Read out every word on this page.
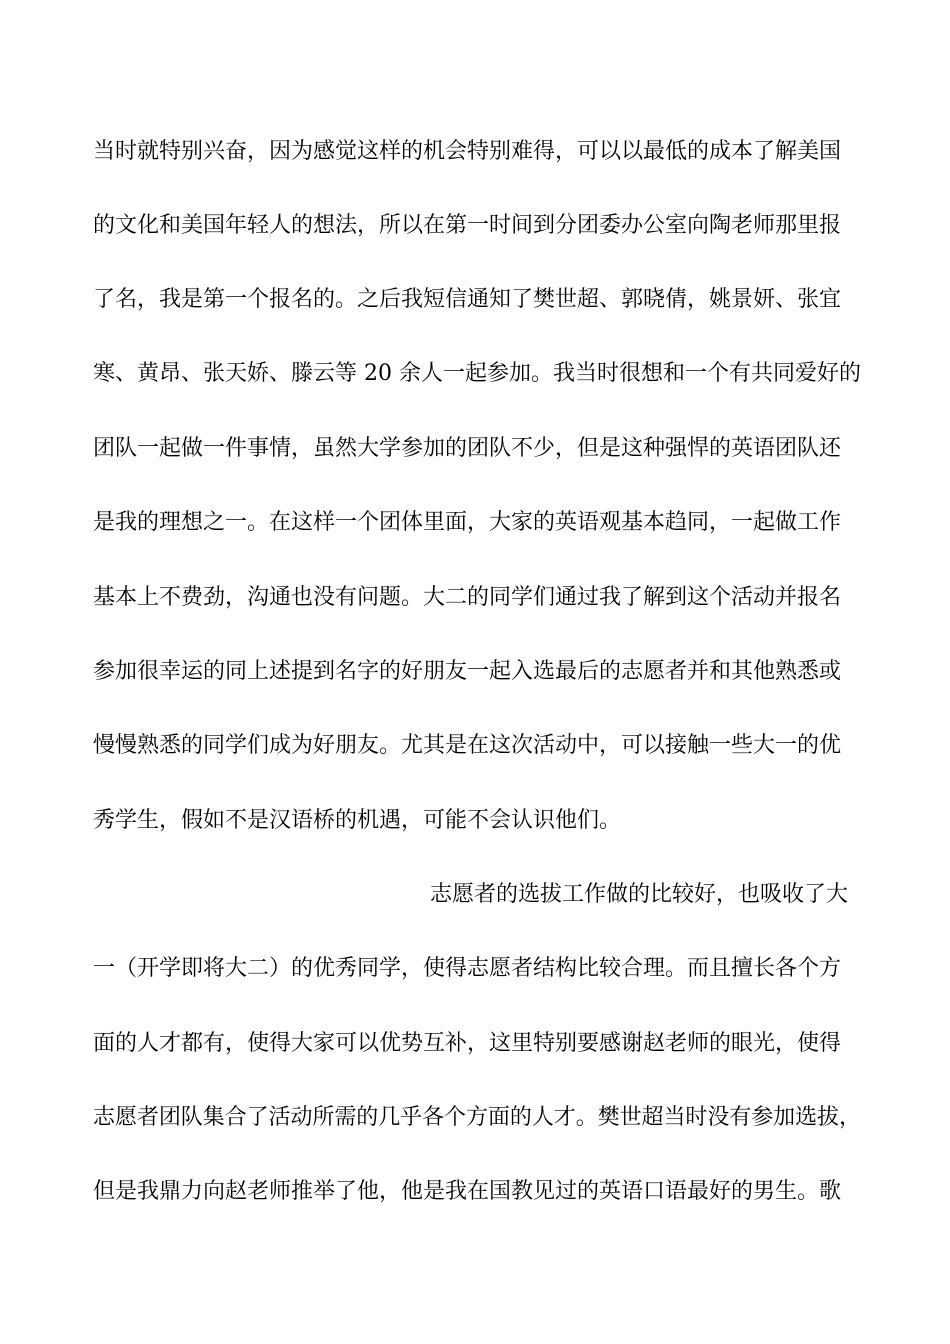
当时就特别兴奋，因为感觉这样的机会特别难得，可以以最低的成本了解美国
的文化和美国年轻人的想法，所以在第一时间到分团委办公室向陶老师那里报
了名，我是第一个报名的。之后我短信通知了樊世超、郭晓倩，姚景妍、张宜
寒、黄昂、张天娇、滕云等 20 余人一起参加。我当时很想和一个有共同爱好的
团队一起做一件事情，虽然大学参加的团队不少，但是这种强悍的英语团队还
是我的理想之一。在这样一个团体里面，大家的英语观基本趋同，一起做工作
基本上不费劲，沟通也没有问题。大二的同学们通过我了解到这个活动并报名
参加很幸运的同上述提到名字的好朋友一起入选最后的志愿者并和其他熟悉或
慢慢熟悉的同学们成为好朋友。尤其是在这次活动中，可以接触一些大一的优
秀学生，假如不是汉语桥的机遇，可能不会认识他们。
志愿者的选拔工作做的比较好，也吸收了大
一（开学即将大二）的优秀同学，使得志愿者结构比较合理。而且擅长各个方
面的人才都有，使得大家可以优势互补，这里特别要感谢赵老师的眼光，使得
志愿者团队集合了活动所需的几乎各个方面的人才。樊世超当时没有参加选拔，
但是我鼎力向赵老师推举了他，他是我在国教见过的英语口语最好的男生。歌
